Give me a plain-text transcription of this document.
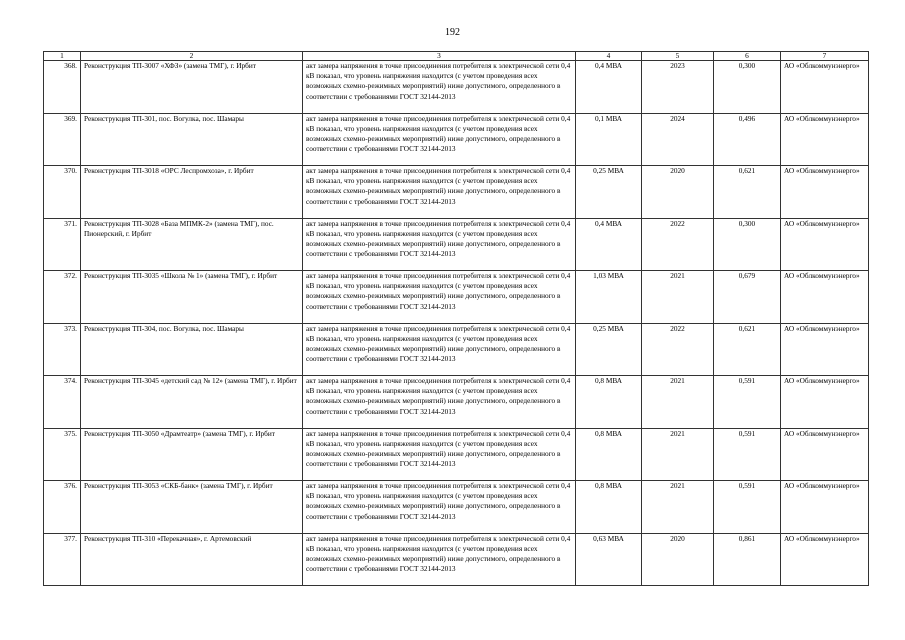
192
1	2	3	4	5	6	7
368.	Реконструкция ТП-3007 «ХФЗ» (замена ТМГ), г. Ирбит	акт замера напряжения в точке присоединения потребителя к электрической сети 0,4 кВ показал, что уровень напряжения находится (с учетом проведения всех возможных схемно-режимных мероприятий) ниже допустимого, определенного в соответствии с требованиями ГОСТ 32144-2013	0,4 МВА	2023	0,300	АО «Облкоммунэнерго»
369.	Реконструкция ТП-301, пос. Вогулка, пос. Шамары	акт замера напряжения в точке присоединения потребителя к электрической сети 0,4 кВ показал, что уровень напряжения находится (с учетом проведения всех возможных схемно-режимных мероприятий) ниже допустимого, определенного в соответствии с требованиями ГОСТ 32144-2013	0,1 МВА	2024	0,496	АО «Облкоммунэнерго»
370.	Реконструкция ТП-3018 «ОРС Леспромхоза», г. Ирбит	акт замера напряжения в точке присоединения потребителя к электрической сети 0,4 кВ показал, что уровень напряжения находится (с учетом проведения всех возможных схемно-режимных мероприятий) ниже допустимого, определенного в соответствии с требованиями ГОСТ 32144-2013	0,25 МВА	2020	0,621	АО «Облкоммунэнерго»
371.	Реконструкция ТП-3028 «База МПМК-2» (замена ТМГ), пос. Пионерский, г. Ирбит	акт замера напряжения в точке присоединения потребителя к электрической сети 0,4 кВ показал, что уровень напряжения находится (с учетом проведения всех возможных схемно-режимных мероприятий) ниже допустимого, определенного в соответствии с требованиями ГОСТ 32144-2013	0,4 МВА	2022	0,300	АО «Облкоммунэнерго»
372.	Реконструкция ТП-3035 «Школа № 1» (замена ТМГ), г. Ирбит	акт замера напряжения в точке присоединения потребителя к электрической сети 0,4 кВ показал, что уровень напряжения находится (с учетом проведения всех возможных схемно-режимных мероприятий) ниже допустимого, определенного в соответствии с требованиями ГОСТ 32144-2013	1,03 МВА	2021	0,679	АО «Облкоммунэнерго»
373.	Реконструкция ТП-304, пос. Вогулка, пос. Шамары	акт замера напряжения в точке присоединения потребителя к электрической сети 0,4 кВ показал, что уровень напряжения находится (с учетом проведения всех возможных схемно-режимных мероприятий) ниже допустимого, определенного в соответствии с требованиями ГОСТ 32144-2013	0,25 МВА	2022	0,621	АО «Облкоммунэнерго»
374.	Реконструкция ТП-3045 «детский сад № 12» (замена ТМГ), г. Ирбит	акт замера напряжения в точке присоединения потребителя к электрической сети 0,4 кВ показал, что уровень напряжения находится (с учетом проведения всех возможных схемно-режимных мероприятий) ниже допустимого, определенного в соответствии с требованиями ГОСТ 32144-2013	0,8 МВА	2021	0,591	АО «Облкоммунэнерго»
375.	Реконструкция ТП-3050 «Драмтеатр» (замена ТМГ), г. Ирбит	акт замера напряжения в точке присоединения потребителя к электрической сети 0,4 кВ показал, что уровень напряжения находится (с учетом проведения всех возможных схемно-режимных мероприятий) ниже допустимого, определенного в соответствии с требованиями ГОСТ 32144-2013	0,8 МВА	2021	0,591	АО «Облкоммунэнерго»
376.	Реконструкция ТП-3053 «СКБ-банк» (замена ТМГ), г. Ирбит	акт замера напряжения в точке присоединения потребителя к электрической сети 0,4 кВ показал, что уровень напряжения находится (с учетом проведения всех возможных схемно-режимных мероприятий) ниже допустимого, определенного в соответствии с требованиями ГОСТ 32144-2013	0,8 МВА	2021	0,591	АО «Облкоммунэнерго»
377.	Реконструкция ТП-310 «Перекачная», г. Артемовский	акт замера напряжения в точке присоединения потребителя к электрической сети 0,4 кВ показал, что уровень напряжения находится (с учетом проведения всех возможных схемно-режимных мероприятий) ниже допустимого, определенного в соответствии с требованиями ГОСТ 32144-2013	0,63 МВА	2020	0,861	АО «Облкоммунэнерго»
